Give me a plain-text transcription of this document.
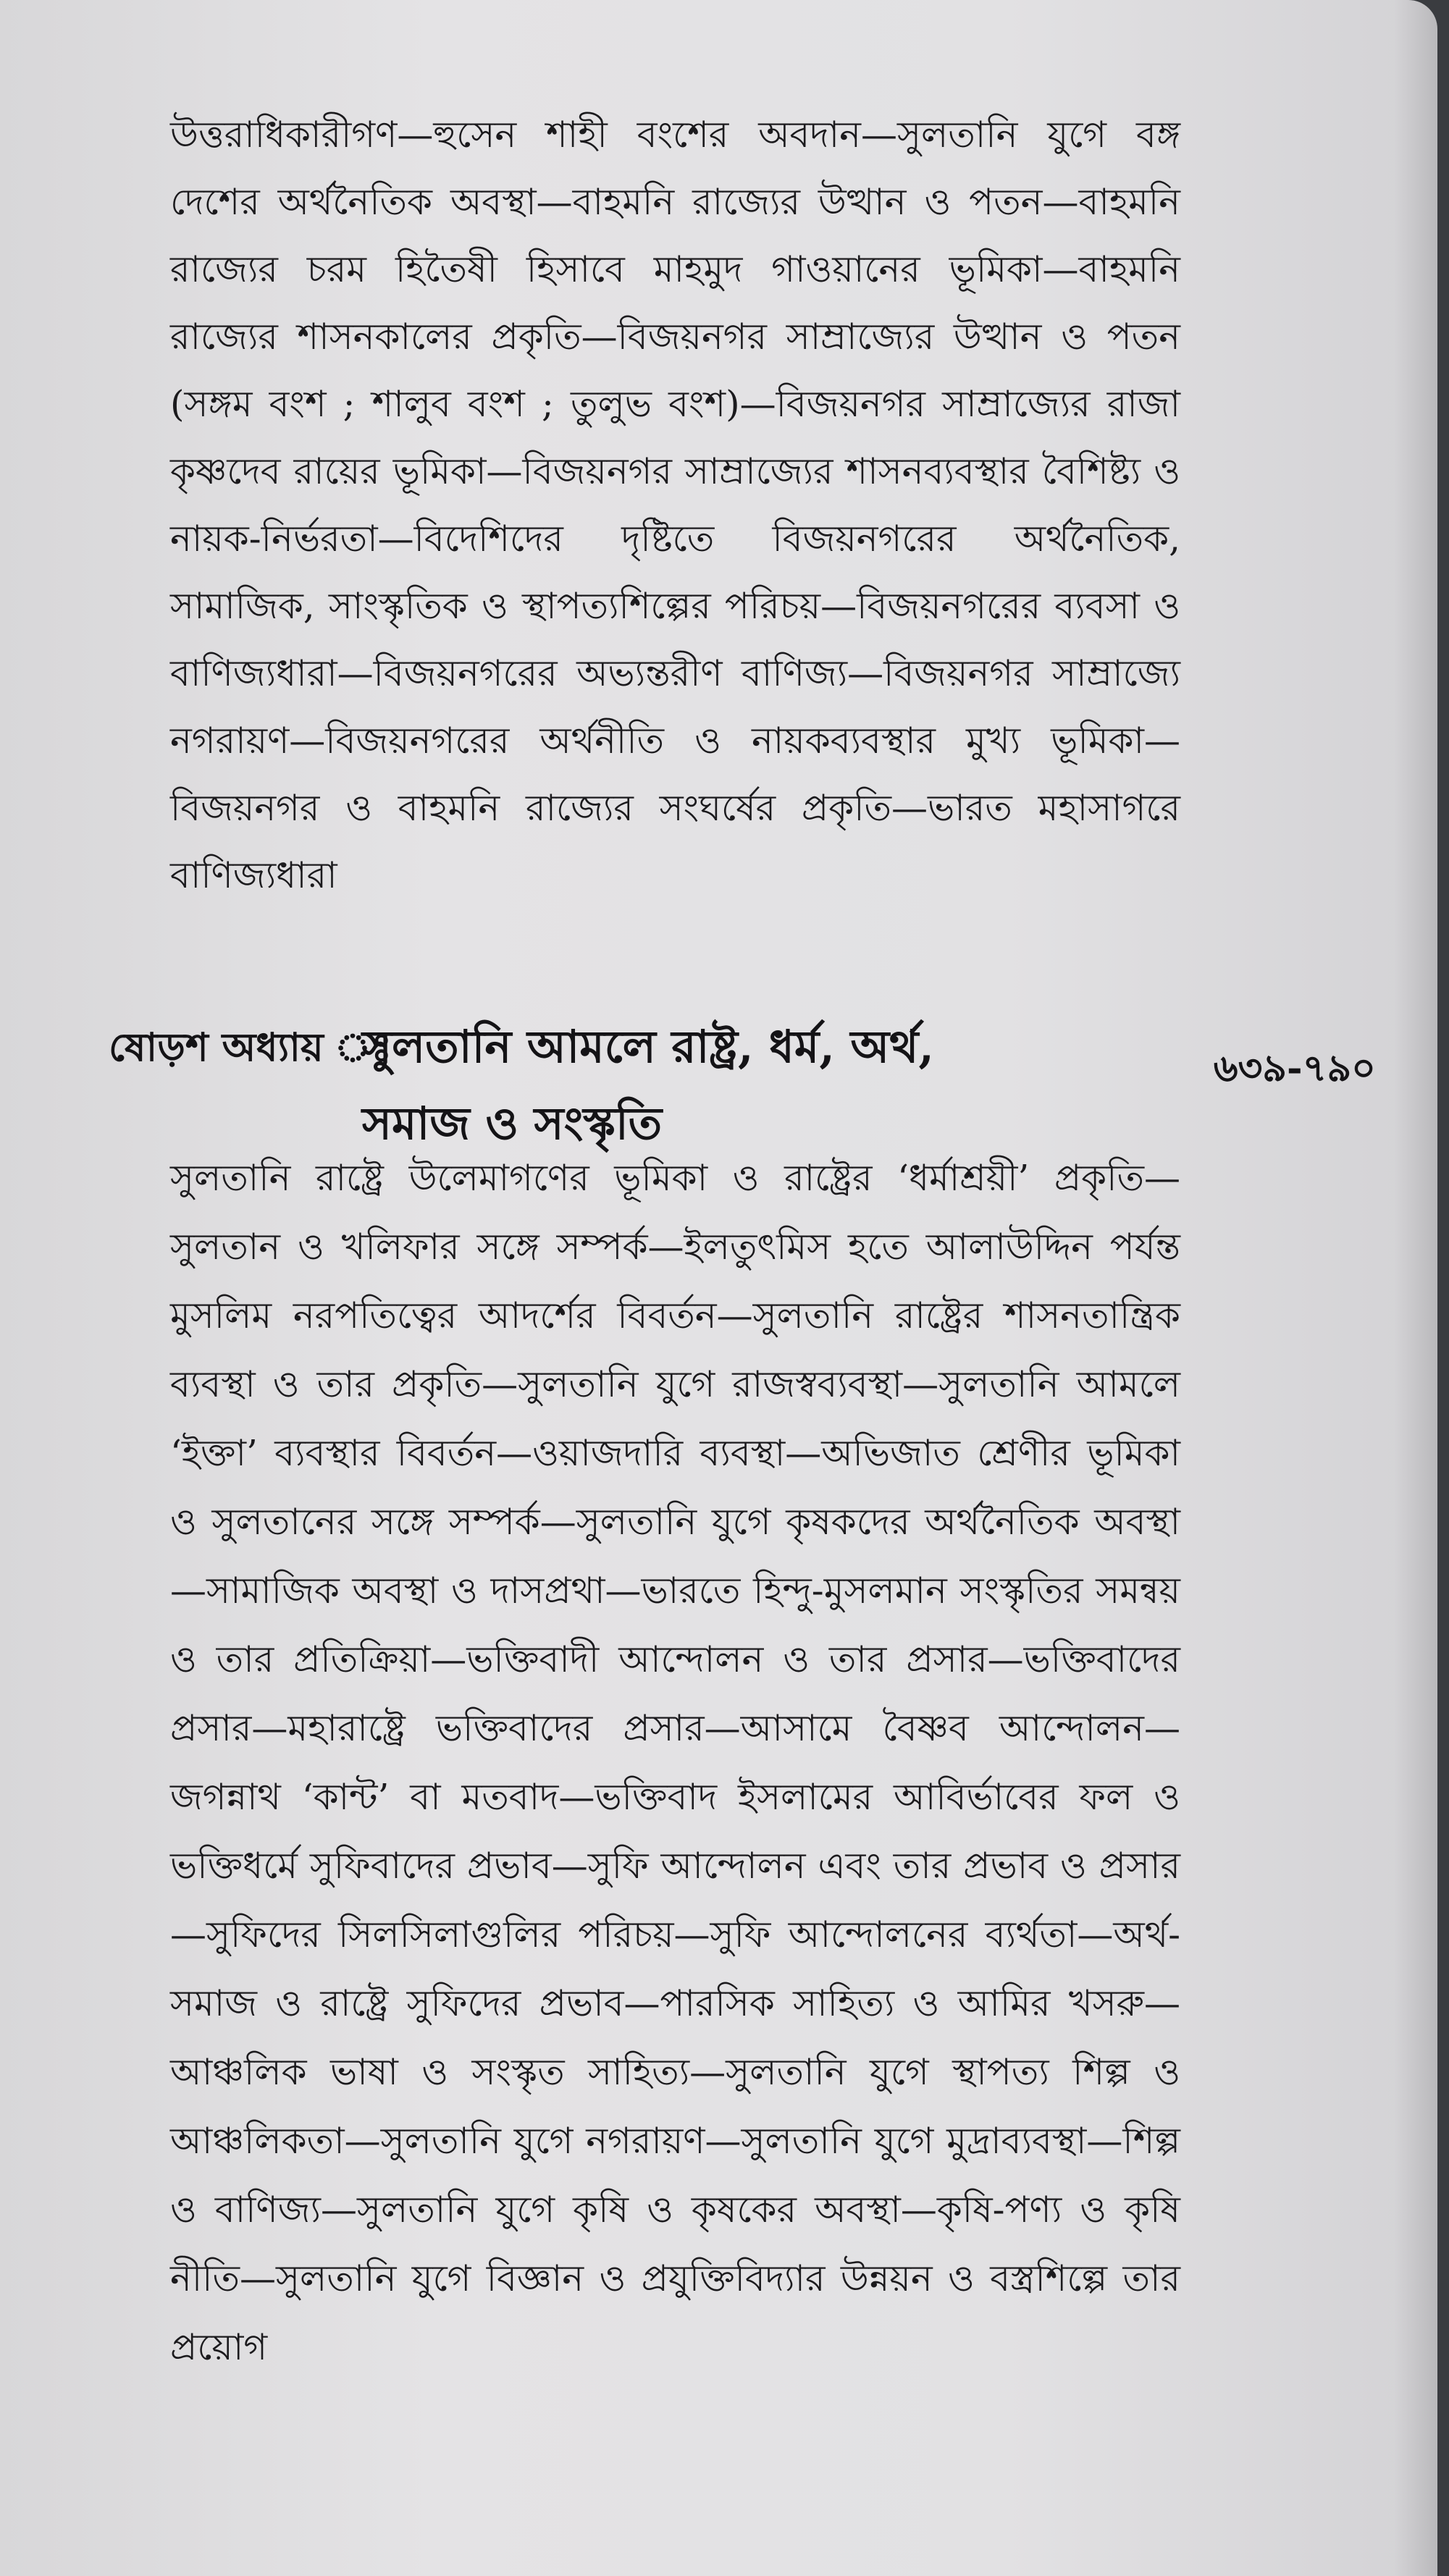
উত্তরাধিকারীগণ—হুসেন শাহী বংশের অবদান—সুলতানি যুগে বঙ্গ দেশের অর্থনৈতিক অবস্থা—বাহমনি রাজ্যের উত্থান ও পতন—বাহমনি রাজ্যের চরম হিতৈষী হিসাবে মাহমুদ গাওয়ানের ভূমিকা—বাহমনি রাজ্যের শাসনকালের প্রকৃতি—বিজয়নগর সাম্রাজ্যের উত্থান ও পতন (সঙ্গম বংশ ; শালুব বংশ ; তুলুভ বংশ)—বিজয়নগর সাম্রাজ্যের রাজা কৃষ্ণদেব রায়ের ভূমিকা—বিজয়নগর সাম্রাজ্যের শাসনব্যবস্থার বৈশিষ্ট্য ও নায়ক-নির্ভরতা—বিদেশিদের দৃষ্টিতে বিজয়নগরের অর্থনৈতিক, সামাজিক, সাংস্কৃতিক ও স্থাপত্যশিল্পের পরিচয়—বিজয়নগরের ব্যবসা ও বাণিজ্যধারা—বিজয়নগরের অভ্যন্তরীণ বাণিজ্য—বিজয়নগর সাম্রাজ্যে নগরায়ণ—বিজয়নগরের অর্থনীতি ও নায়কব্যবস্থার মুখ্য ভূমিকা—বিজয়নগর ও বাহমনি রাজ্যের সংঘর্ষের প্রকৃতি—ভারত মহাসাগরে বাণিজ্যধারা
ষোড়শ অধ্যায় ঃ
সুলতানি আমলে রাষ্ট্র, ধর্ম, অর্থ,
সমাজ ও সংস্কৃতি
৬৩৯-৭৯০
সুলতানি রাষ্ট্রে উলেমাগণের ভূমিকা ও রাষ্ট্রের ‘ধর্মাশ্রয়ী’ প্রকৃতি—সুলতান ও খলিফার সঙ্গে সম্পর্ক—ইলতুৎমিস হতে আলাউদ্দিন পর্যন্ত মুসলিম নরপতিত্বের আদর্শের বিবর্তন—সুলতানি রাষ্ট্রের শাসনতান্ত্রিক ব্যবস্থা ও তার প্রকৃতি—সুলতানি যুগে রাজস্বব্যবস্থা—সুলতানি আমলে ‘ইক্তা’ ব্যবস্থার বিবর্তন—ওয়াজদারি ব্যবস্থা—অভিজাত শ্রেণীর ভূমিকা ও সুলতানের সঙ্গে সম্পর্ক—সুলতানি যুগে কৃষকদের অর্থনৈতিক অবস্থা—সামাজিক অবস্থা ও দাসপ্রথা—ভারতে হিন্দু-মুসলমান সংস্কৃতির সমন্বয় ও তার প্রতিক্রিয়া—ভক্তিবাদী আন্দোলন ও তার প্রসার—ভক্তিবাদের প্রসার—মহারাষ্ট্রে ভক্তিবাদের প্রসার—আসামে বৈষ্ণব আন্দোলন—জগন্নাথ ‘কান্ট’ বা মতবাদ—ভক্তিবাদ ইসলামের আবির্ভাবের ফল ও ভক্তিধর্মে সুফিবাদের প্রভাব—সুফি আন্দোলন এবং তার প্রভাব ও প্রসার—সুফিদের সিলসিলাগুলির পরিচয়—সুফি আন্দোলনের ব্যর্থতা—অর্থ-সমাজ ও রাষ্ট্রে সুফিদের প্রভাব—পারসিক সাহিত্য ও আমির খসরু—আঞ্চলিক ভাষা ও সংস্কৃত সাহিত্য—সুলতানি যুগে স্থাপত্য শিল্প ও আঞ্চলিকতা—সুলতানি যুগে নগরায়ণ—সুলতানি যুগে মুদ্রাব্যবস্থা—শিল্প ও বাণিজ্য—সুলতানি যুগে কৃষি ও কৃষকের অবস্থা—কৃষি-পণ্য ও কৃষি নীতি—সুলতানি যুগে বিজ্ঞান ও প্রযুক্তিবিদ্যার উন্নয়ন ও বস্ত্রশিল্পে তার প্রয়োগ
